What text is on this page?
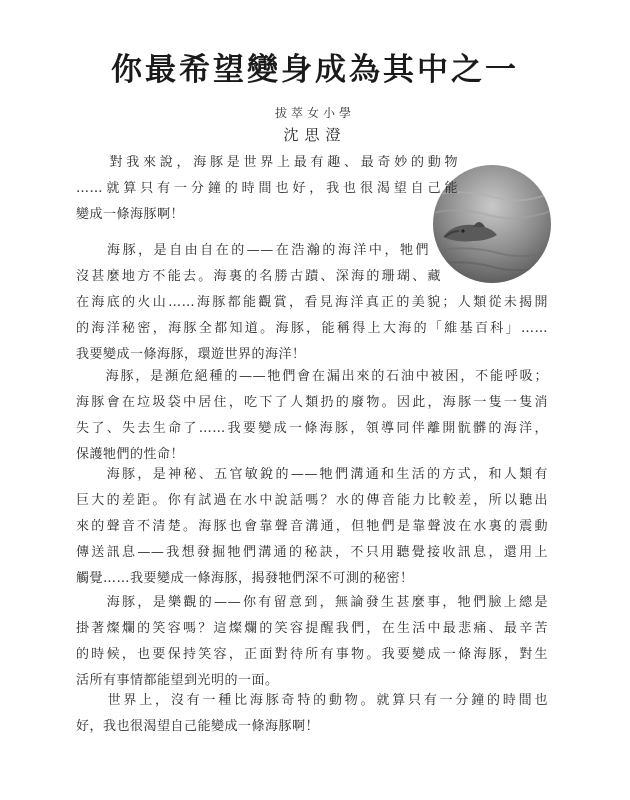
你最希望變身成為其中之一
拔萃女小學
沈思澄
　　對我來說，海豚是世界上最有趣、最奇妙的動物
……就算只有一分鐘的時間也好，我也很渴望自己能
變成一條海豚啊！
　　海豚，是自由自在的——在浩瀚的海洋中，牠們
沒甚麼地方不能去。海裏的名勝古蹟、深海的珊瑚、藏
在海底的火山……海豚都能觀賞，看見海洋真正的美貌；人類從未揭開
的海洋秘密，海豚全都知道。海豚，能稱得上大海的「維基百科」……
我要變成一條海豚，環遊世界的海洋！
　　海豚，是瀕危絕種的——牠們會在漏出來的石油中被困，不能呼吸；
海豚會在垃圾袋中居住，吃下了人類扔的廢物。因此，海豚一隻一隻消
失了、失去生命了……我要變成一條海豚，領導同伴離開骯髒的海洋，
保護牠們的性命！
　　海豚，是神秘、五官敏銳的——牠們溝通和生活的方式，和人類有
巨大的差距。你有試過在水中說話嗎？水的傳音能力比較差，所以聽出
來的聲音不清楚。海豚也會靠聲音溝通，但牠們是靠聲波在水裏的震動
傳送訊息——我想發掘牠們溝通的秘訣，不只用聽覺接收訊息，還用上
觸覺……我要變成一條海豚，揭發牠們深不可測的秘密！
　　海豚，是樂觀的——你有留意到，無論發生甚麼事，牠們臉上總是
掛著燦爛的笑容嗎？這燦爛的笑容提醒我們，在生活中最悲痛、最辛苦
的時候，也要保持笑容，正面對待所有事物。我要變成一條海豚，對生
活所有事情都能望到光明的一面。
　　世界上，沒有一種比海豚奇特的動物。就算只有一分鐘的時間也
好，我也很渴望自己能變成一條海豚啊！
